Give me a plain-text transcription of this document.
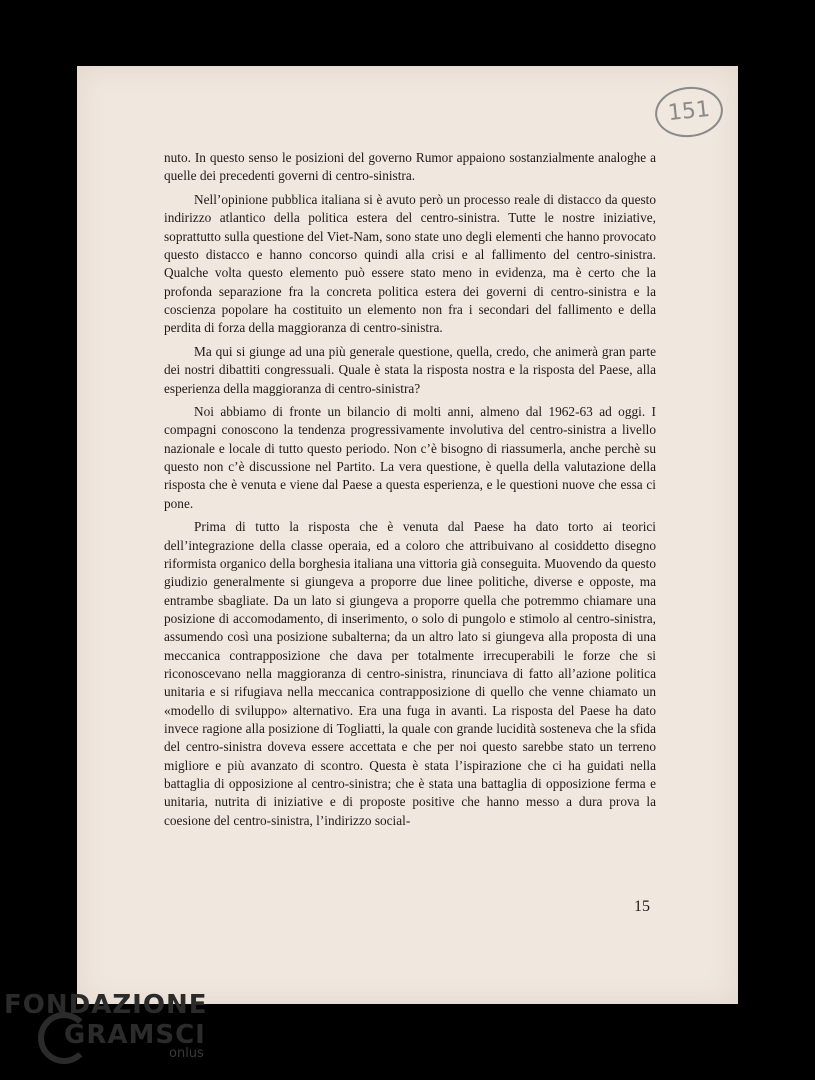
151

nuto. In questo senso le posizioni del governo Rumor appaiono sostanzialmente analoghe a quelle dei precedenti governi di centro-sinistra.

Nell’opinione pubblica italiana si è avuto però un processo reale di distacco da questo indirizzo atlantico della politica estera del centro-sinistra. Tutte le nostre iniziative, soprattutto sulla questione del Viet-Nam, sono state uno degli elementi che hanno provocato questo distacco e hanno concorso quindi alla crisi e al fallimento del centro-sinistra. Qualche volta questo elemento può essere stato meno in evidenza, ma è certo che la profonda separazione fra la concreta politica estera dei governi di centro-sinistra e la coscienza popolare ha costituito un elemento non fra i secondari del fallimento e della perdita di forza della maggioranza di centro-sinistra.

Ma qui si giunge ad una più generale questione, quella, credo, che animerà gran parte dei nostri dibattiti congressuali. Quale è stata la risposta nostra e la risposta del Paese, alla esperienza della maggioranza di centro-sinistra?

Noi abbiamo di fronte un bilancio di molti anni, almeno dal 1962-63 ad oggi. I compagni conoscono la tendenza progressivamente involutiva del centro-sinistra a livello nazionale e locale di tutto questo periodo. Non c’è bisogno di riassumerla, anche perchè su questo non c’è discussione nel Partito. La vera questione, è quella della valutazione della risposta che è venuta e viene dal Paese a questa esperienza, e le questioni nuove che essa ci pone.

Prima di tutto la risposta che è venuta dal Paese ha dato torto ai teorici dell’integrazione della classe operaia, ed a coloro che attribuivano al cosiddetto disegno riformista organico della borghesia italiana una vittoria già conseguita. Muovendo da questo giudizio generalmente si giungeva a proporre due linee politiche, diverse e opposte, ma entrambe sbagliate. Da un lato si giungeva a proporre quella che potremmo chiamare una posizione di accomodamento, di inserimento, o solo di pungolo e stimolo al centro-sinistra, assumendo così una posizione subalterna; da un altro lato si giungeva alla proposta di una meccanica contrapposizione che dava per totalmente irrecuperabili le forze che si riconoscevano nella maggioranza di centro-sinistra, rinunciava di fatto all’azione politica unitaria e si rifugiava nella meccanica contrapposizione di quello che venne chiamato un «modello di sviluppo» alternativo. Era una fuga in avanti. La risposta del Paese ha dato invece ragione alla posizione di Togliatti, la quale con grande lucidità sosteneva che la sfida del centro-sinistra doveva essere accettata e che per noi questo sarebbe stato un terreno migliore e più avanzato di scontro. Questa è stata l’ispirazione che ci ha guidati nella battaglia di opposizione al centro-sinistra; che è stata una battaglia di opposizione ferma e unitaria, nutrita di iniziative e di proposte positive che hanno messo a dura prova la coesione del centro-sinistra, l’indirizzo social-

15
FONDAZIONE
GRAMSCI
onlus
